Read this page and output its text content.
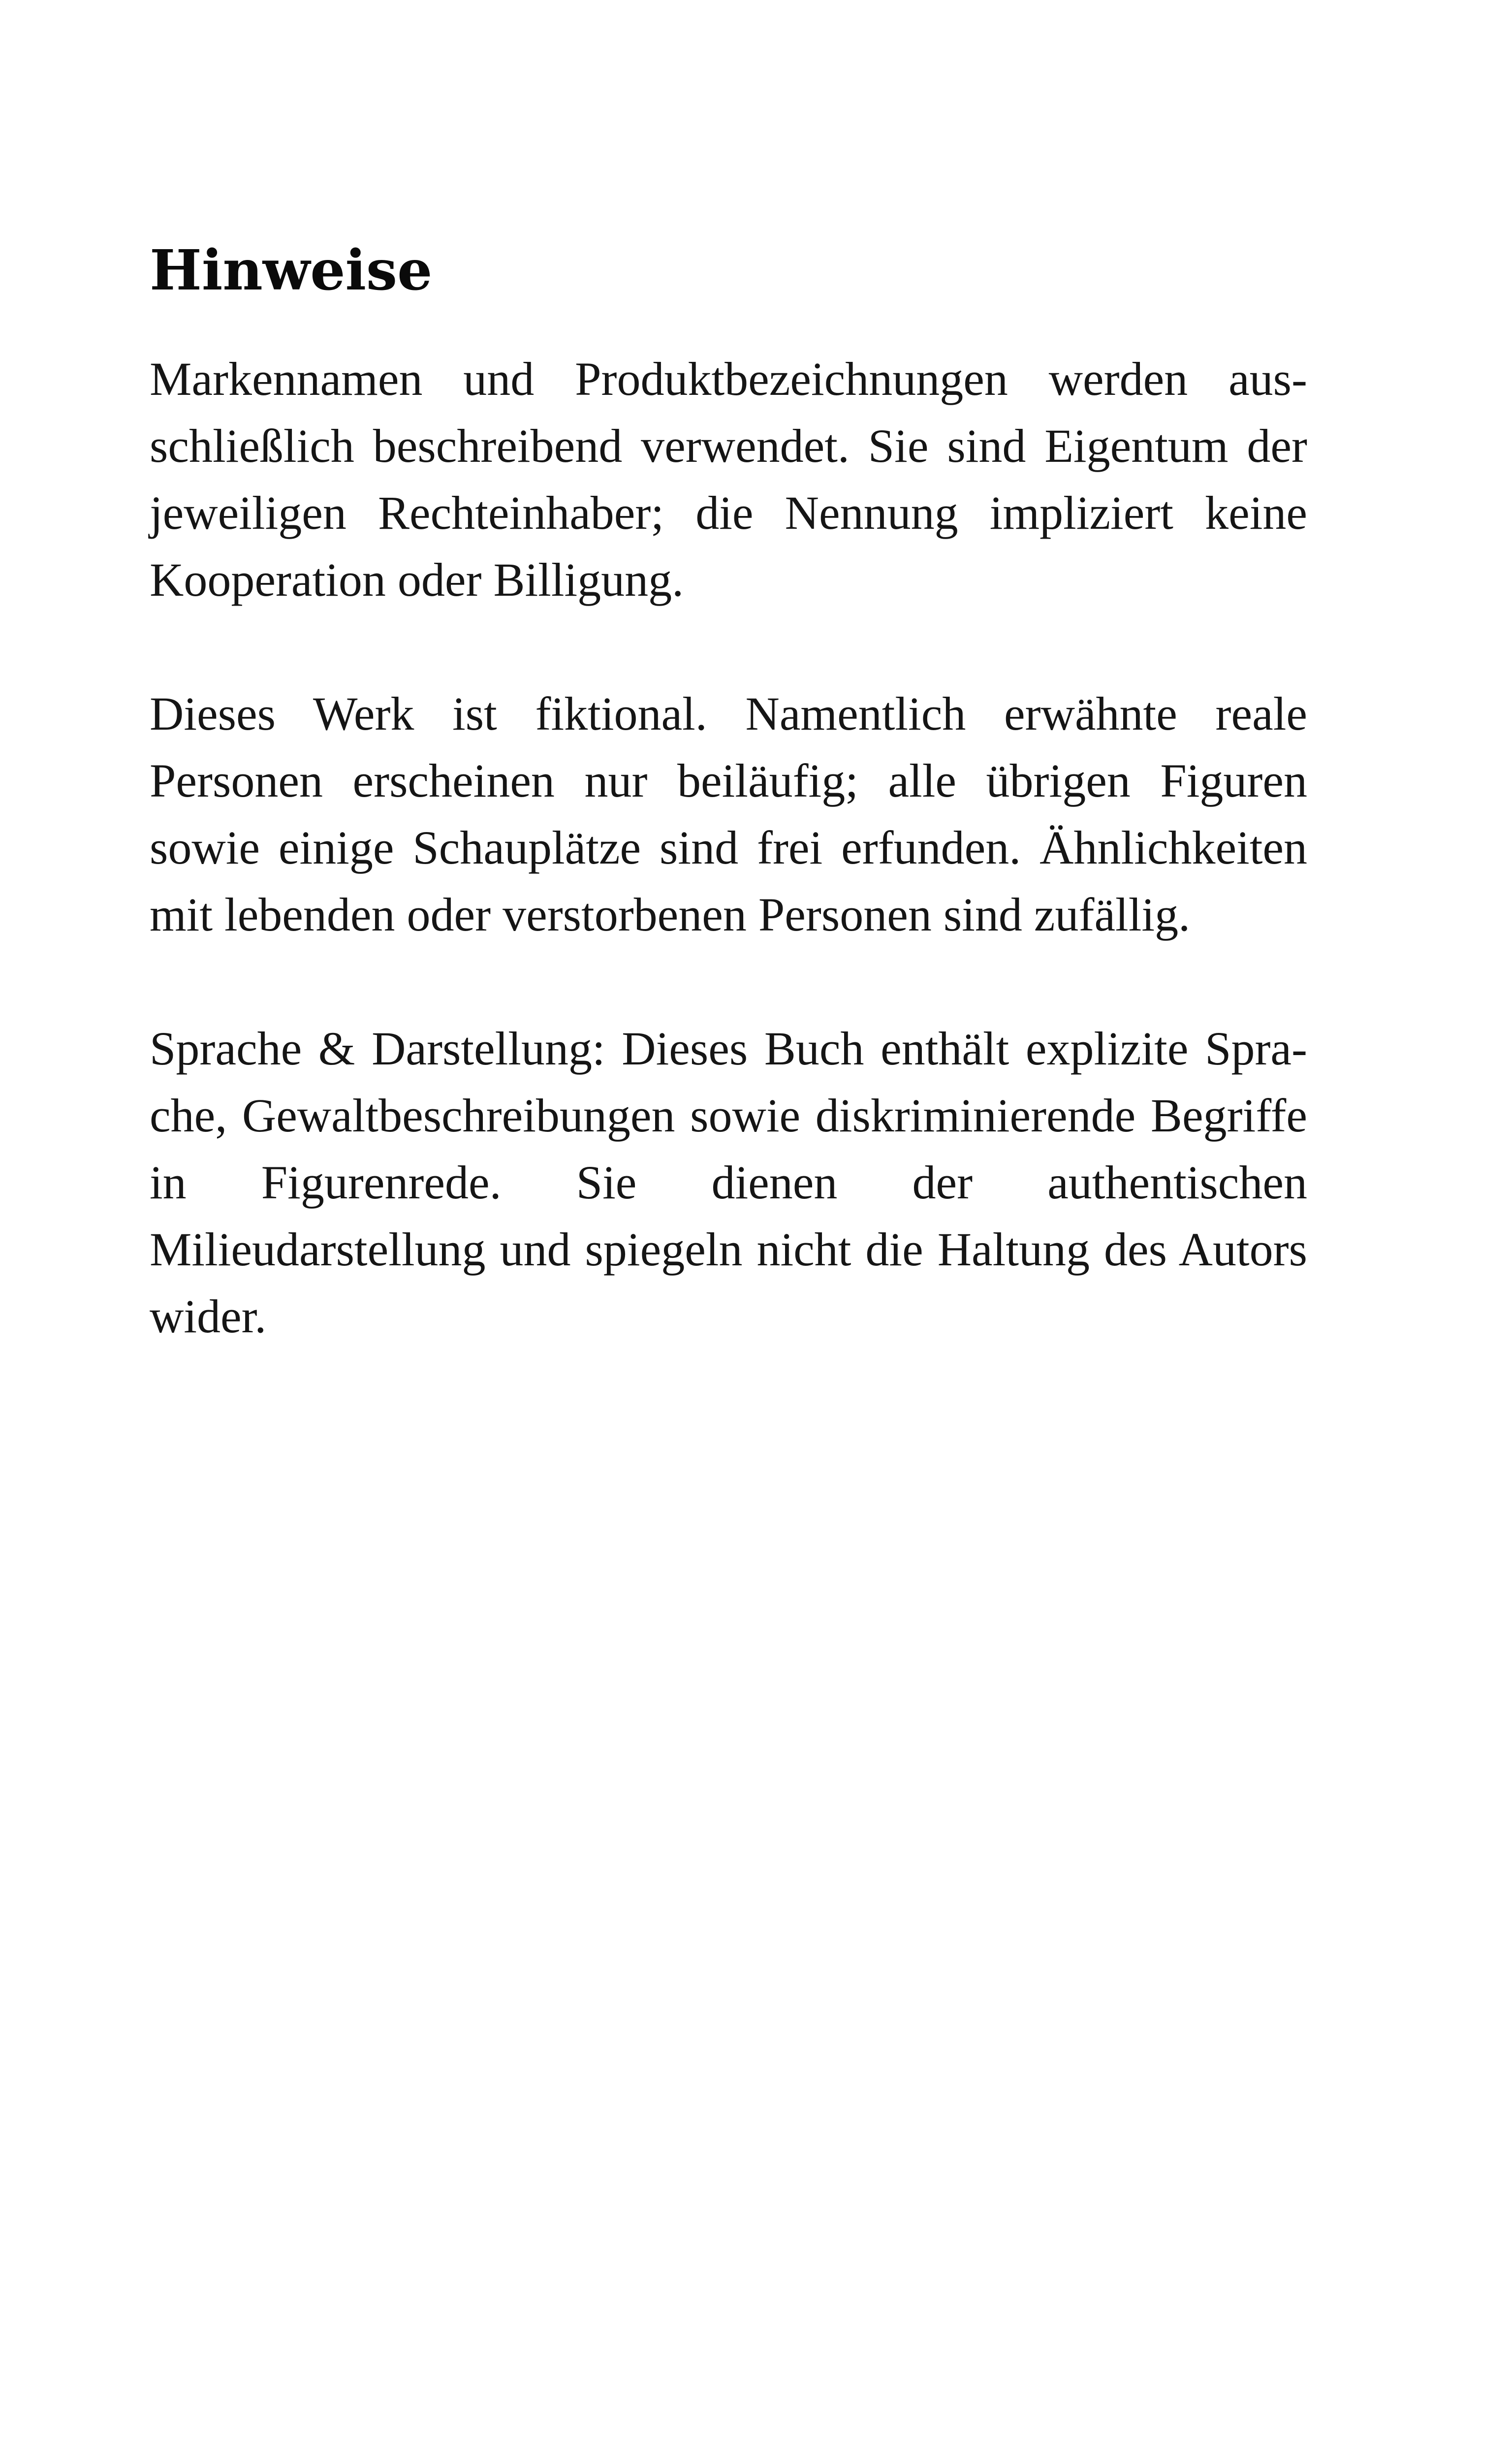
Hinweise

Markennamen und Produktbezeichnungen werden ausschließlich beschreibend verwendet. Sie sind Eigentum der jeweiligen Rechteinhaber; die Nennung impliziert keine Kooperation oder Billigung.

Dieses Werk ist fiktional. Namentlich erwähnte reale Personen erscheinen nur beiläufig; alle übrigen Figuren sowie einige Schauplätze sind frei erfunden. Ähnlichkeiten mit lebenden oder verstorbenen Personen sind zufällig.

Sprache & Darstellung: Dieses Buch enthält explizite Sprache, Gewaltbeschreibungen sowie diskriminierende Begriffe in Figurenrede. Sie dienen der authentischen Milieudarstellung und spiegeln nicht die Haltung des Autors wider.
